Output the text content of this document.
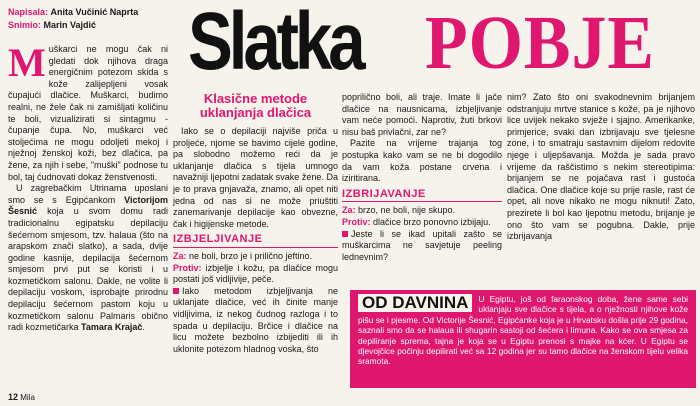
Napisala: Anita Vučinić Naprta
Snimio: Marin Vajdić	Slatka POBJE

Muškarci ne mogu čak ni gledati dok njihova draga energičnim potezom skida s kože zalijepljeni vosak čupajući dlačice. Muškarci, budimo realni, ne žele čak ni zamišljati količinu te boli, vizualizirati si sintagmu - čupanje čupa. No, muškarci već stoljećima ne mogu odoljeti mekoj i nježnoj ženskoj koži, bez dlačica, pa žene, za njih i sebe, "muški" podnose tu bol, taj ćudnovati dokaz ženstvenosti.

U zagrebačkim Utrinama uposlani smo se s Egipćankom Victorijom Šesnić koja u svom domu radi tradicionalnu egipatsku depilaciju šećernom smjesom, tzv. halaua (što na arapskom znači slatko), a sada, dvije godine kasnije, depilacija šećernom smjesom prvi put se koristi i u kozmetičkom salonu. Dakle, ne volite li depilaciju voskom, isprobajte prirodnu depilaciju šećernom pastom koju u kozmetičkom salonu Palmaris obično radi kozmetičarka Tamara Krajač.

Klasične metode uklanjanja dlačica

Iako se o depilaciji najviše priča u proljeće, njome se bavimo cijele godine, pa slobodno možemo reći da je uklanjanje dlačica s tijela umnogo navažniji ljepotni zadatak svake žene. Da je to prava gnjavaža, znamo, ali opet niti jedna od nas si ne može priuštiti zanemarivanje depilacije kao obvezne, čak i higijenske metode.

IZBJELJIVANJE

Za: ne boli, brzo je i prilično jeftino.

Protiv: izbjelje i kožu, pa dlačice mogu postati još vidljivije, peče.

Iako metodom izbjeljivanja ne uklanjate dlačice, već ih činite manje vidljivima, iz nekog čudnog razloga i to spada u depilaciju. Brčice i dlačice na licu možete bezbolno izbijediti ili ih uklonite potezom hladnog voska, što

poprilično boli, ali traje. Imate li jače dlačice na nausnicama, izbjeljivanje vam neće pomoći. Naprotiv, žuti brkovi nisu baš privlačni, zar ne?

Pazite na vrijeme trajanja tog postupka kako vam se ne bi dogodilo da vam koža postane crvena i iziritirana.

IZBRIJAVANJE

Za: brzo, ne boli, nije skupo.

Protiv: dlačice brzo ponovno izbijaju.

Jeste li se ikad upitali zašto se muškarcima ne savjetuje peeling lednevnim?

nim? Zato što oni svakodnevnim brijanjem odstranjuju mrtve stanice s kože, pa je njihovo lice uvijek nekako svježe i sjajno. Amerikanke, primjerice, svaki dan izbrijavaju sve tjelesne zone, i to smatraju sastavnim dijelom redovite njege i uljepšavanja. Možda je sada pravo vrijeme da raščistimo s nekim stereotipima: brijanjem se ne pojačava rast i gustoća dlačica. One dlačice koje su prije rasle, rast će opet, ali nove nikako ne mogu niknuti! Zato, prezirete li bol kao ljepotnu metodu, brijanje je ono što vam se pogubna. Dakle, prije izbrijavanja

OD DAVNINA	U Egiptu, još od faraonskog doba, žene same sebi uklanjaju sve dlačice s tijela, a o nježnosti njihove kože pišu se i pjesme. Od Victorije Šesnić, Egipćanke koja je u Hrvatsku došla prije 29 godina, saznali smo da se halaua ili shugarin sastoji od šećera i limuna. Kako se ova smjesa za depiliranje sprema, tajna je koja se u Egiptu prenosi s majke na kćer. U Egiptu se djevojčice počinju depilirati već sa 12 godina jer su tamo dlačice na ženskom tijelu velika sramota.
12 Mila
